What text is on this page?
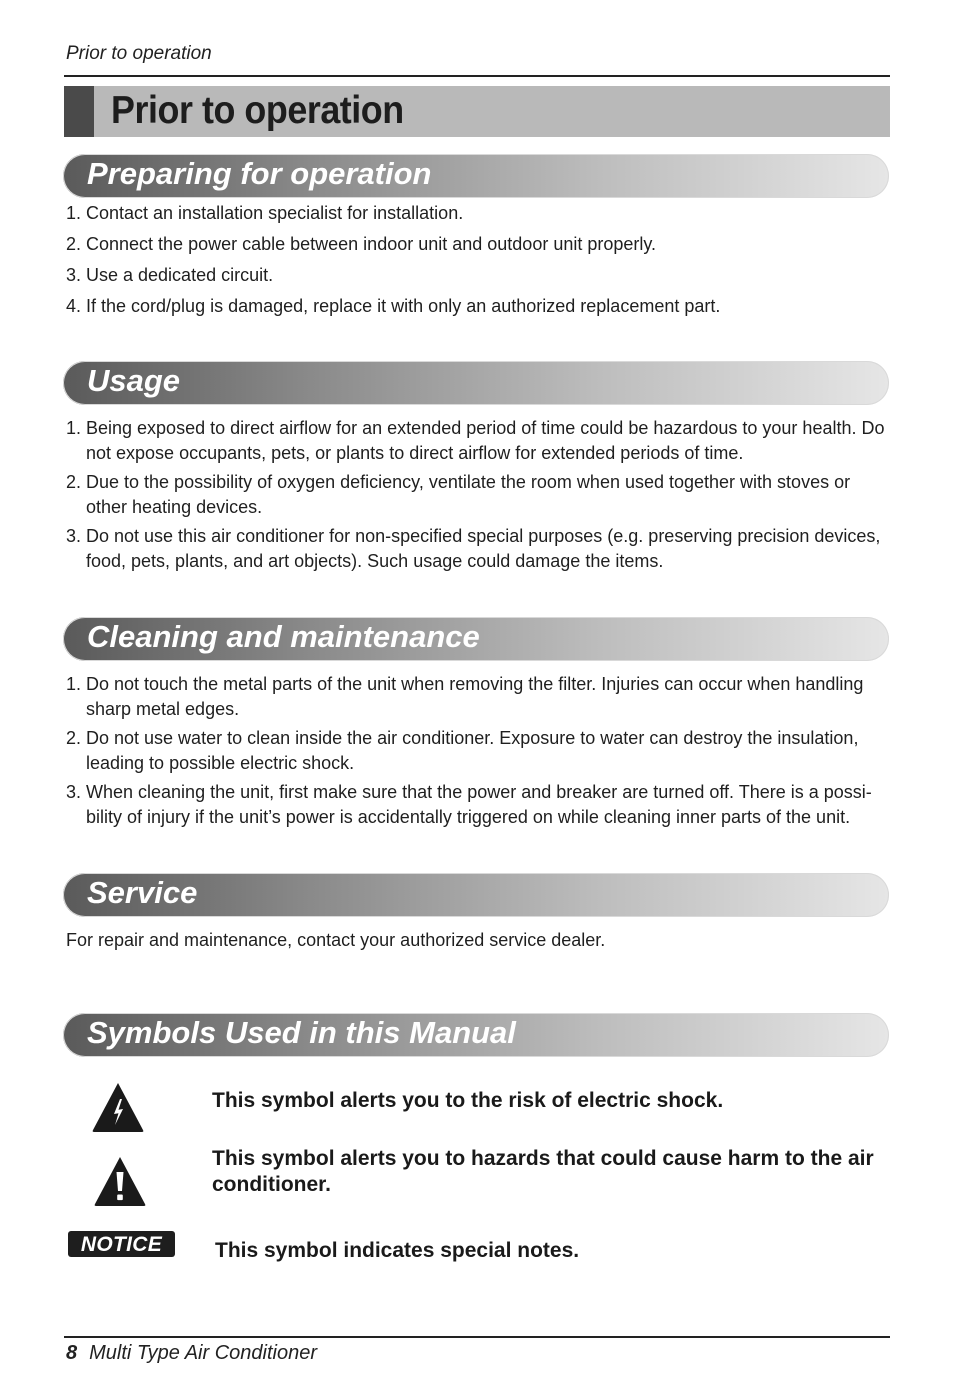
Prior to operation
Prior to operation
Preparing for operation
1. Contact an installation specialist for installation.
2. Connect the power cable between indoor unit and outdoor unit properly.
3. Use a dedicated circuit.
4. If the cord/plug is damaged, replace it with only an authorized replacement part.
Usage
1. Being exposed to direct airflow for an extended period of time could be hazardous to your health. Do not expose occupants, pets, or plants to direct airflow for extended periods of time.
2. Due to the possibility of oxygen deficiency, ventilate the room when used together with stoves or other heating devices.
3. Do not use this air conditioner for non-specified special purposes (e.g. preserving precision devices, food, pets, plants, and art objects). Such usage could damage the items.
Cleaning and maintenance
1. Do not touch the metal parts of the unit when removing the filter. Injuries can occur when handling sharp metal edges.
2. Do not use water to clean inside the air conditioner. Exposure to water can destroy the insulation, leading to possible electric shock.
3. When cleaning the unit, first make sure that the power and breaker are turned off. There is a possi-bility of injury if the unit’s power is accidentally triggered on while cleaning inner parts of the unit.
Service
For repair and maintenance, contact your authorized service dealer.
Symbols Used in this Manual
This symbol alerts you to the risk of electric shock.
This symbol alerts you to hazards that could cause harm to the air conditioner.
NOTICE	This symbol indicates special notes.
8 Multi Type Air Conditioner
